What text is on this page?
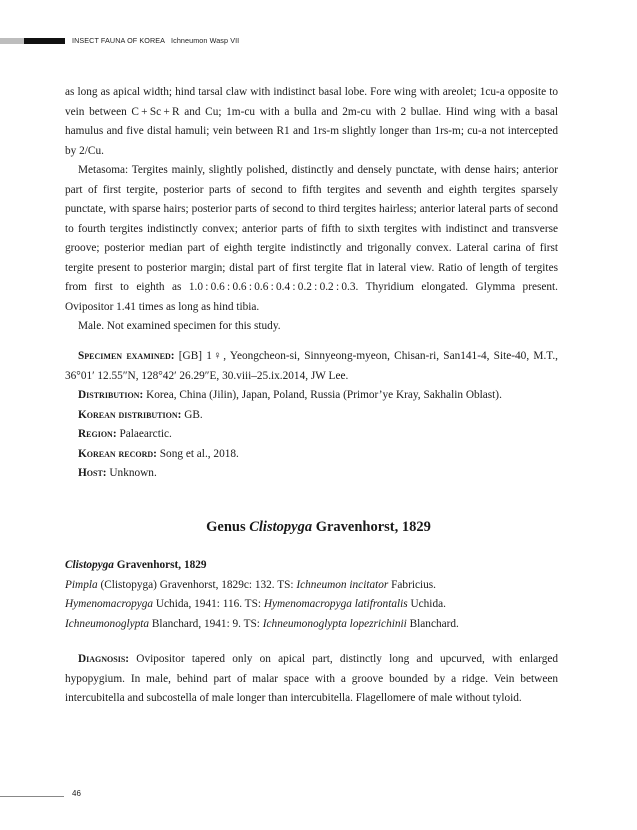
INSECT FAUNA OF KOREA Ichneumon Wasp VII

as long as apical width; hind tarsal claw with indistinct basal lobe. Fore wing with areolet; 1cu-a opposite to vein between C + Sc + R and Cu; 1m-cu with a bulla and 2m-cu with 2 bullae. Hind wing with a basal hamulus and five distal hamuli; vein between R1 and 1rs-m slightly longer than 1rs-m; cu-a not intercepted by 2/Cu.

Metasoma: Tergites mainly, slightly polished, distinctly and densely punctate, with dense hairs; anterior part of first tergite, posterior parts of second to fifth tergites and seventh and eighth tergites sparsely punctate, with sparse hairs; posterior parts of second to third tergites hairless; anterior lateral parts of second to fourth tergites indistinctly convex; anterior parts of fifth to sixth tergites with indistinct and transverse groove; posterior median part of eighth tergite indistinctly and trigonally convex. Lateral carina of first tergite present to posterior margin; distal part of first tergite flat in lateral view. Ratio of length of tergites from first to eighth as 1.0 : 0.6 : 0.6 : 0.6 : 0.4 : 0.2 : 0.2 : 0.3. Thyridium elongated. Glymma present. Ovipositor 1.41 times as long as hind tibia.

Male. Not examined specimen for this study.

Specimen examined: [GB] 1♀, Yeongcheon-si, Sinnyeong-myeon, Chisan-ri, San141-4, Site-40, M.T., 36°01′ 12.55″N, 128°42′ 26.29″E, 30.viii–25.ix.2014, JW Lee.

Distribution: Korea, China (Jilin), Japan, Poland, Russia (Primor’ye Kray, Sakhalin Oblast).

Korean distribution: GB.

Region: Palaearctic.

Korean record: Song et al., 2018.

Host: Unknown.

Genus Clistopyga Gravenhorst, 1829

Clistopyga Gravenhorst, 1829

Pimpla (Clistopyga) Gravenhorst, 1829c: 132. TS: Ichneumon incitator Fabricius.

Hymenomacropyga Uchida, 1941: 116. TS: Hymenomacropyga latifrontalis Uchida.

Ichneumonoglypta Blanchard, 1941: 9. TS: Ichneumonoglypta lopezrichinii Blanchard.

Diagnosis: Ovipositor tapered only on apical part, distinctly long and upcurved, with enlarged hypopygium. In male, behind part of malar space with a groove bounded by a ridge. Vein between intercubitella and subcostella of male longer than intercubitella. Flagellomere of male without tyloid.

46
